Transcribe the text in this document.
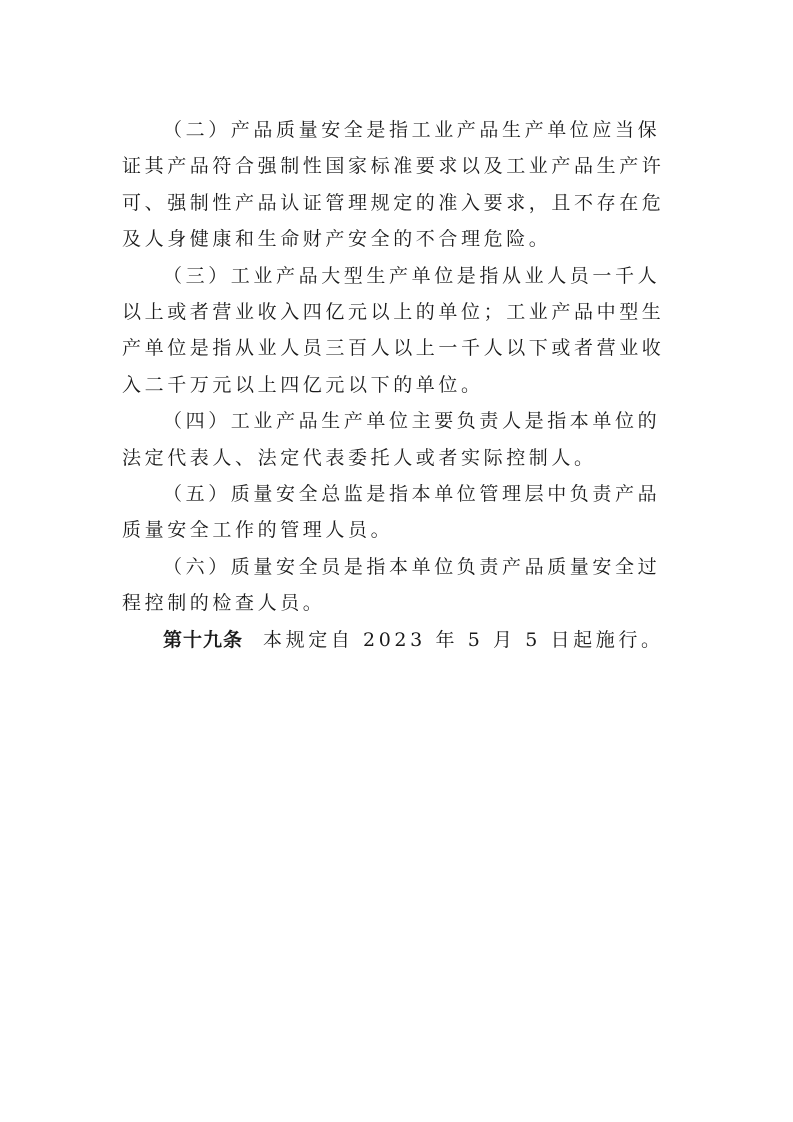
（二）产品质量安全是指工业产品生产单位应当保证其产品符合强制性国家标准要求以及工业产品生产许可、强制性产品认证管理规定的准入要求，且不存在危及人身健康和生命财产安全的不合理危险。

（三）工业产品大型生产单位是指从业人员一千人以上或者营业收入四亿元以上的单位；工业产品中型生产单位是指从业人员三百人以上一千人以下或者营业收入二千万元以上四亿元以下的单位。

（四）工业产品生产单位主要负责人是指本单位的法定代表人、法定代表委托人或者实际控制人。

（五）质量安全总监是指本单位管理层中负责产品质量安全工作的管理人员。

（六）质量安全员是指本单位负责产品质量安全过程控制的检查人员。

第十九条 本规定自 2023 年 5 月 5 日起施行。
